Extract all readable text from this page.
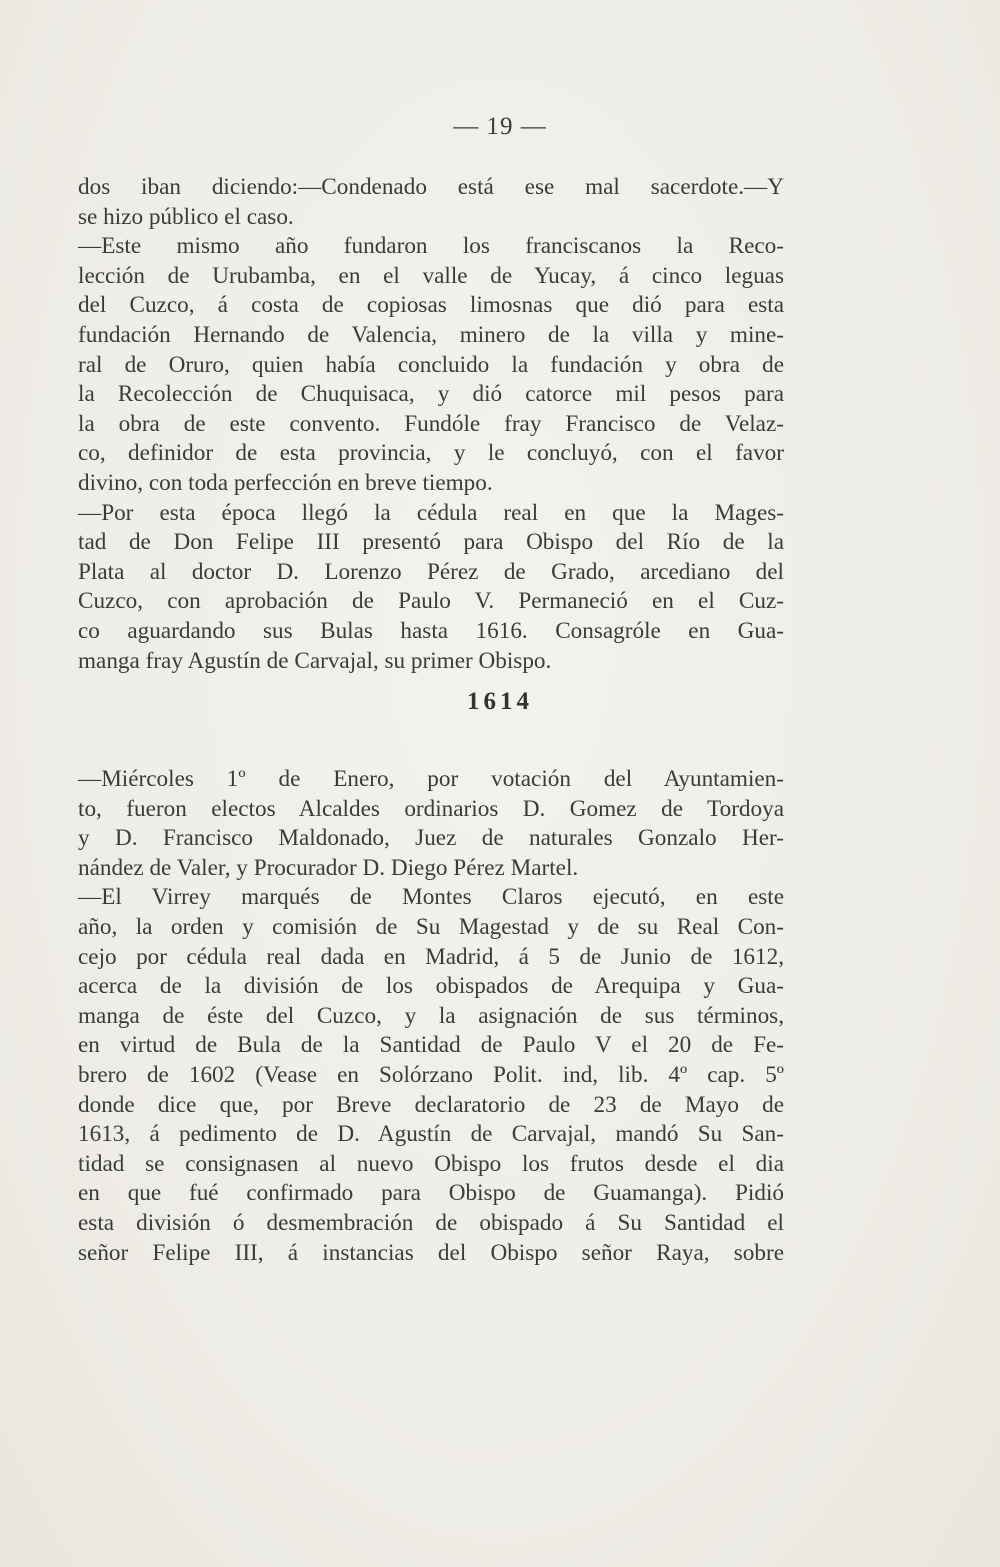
— 19 —
dos iban diciendo:—Condenado está ese mal sacerdote.—Y
se hizo público el caso.
—Este mismo año fundaron los franciscanos la Reco-
lección de Urubamba, en el valle de Yucay, á cinco leguas
del Cuzco, á costa de copiosas limosnas que dió para esta
fundación Hernando de Valencia, minero de la villa y mine-
ral de Oruro, quien había concluido la fundación y obra de
la Recolección de Chuquisaca, y dió catorce mil pesos para
la obra de este convento. Fundóle fray Francisco de Velaz-
co, definidor de esta provincia, y le concluyó, con el favor
divino, con toda perfección en breve tiempo.
—Por esta época llegó la cédula real en que la Mages-
tad de Don Felipe III presentó para Obispo del Río de la
Plata al doctor D. Lorenzo Pérez de Grado, arcediano del
Cuzco, con aprobación de Paulo V. Permaneció en el Cuz-
co aguardando sus Bulas hasta 1616. Consagróle en Gua-
manga fray Agustín de Carvajal, su primer Obispo.
1614
—Miércoles 1º de Enero, por votación del Ayuntamien-
to, fueron electos Alcaldes ordinarios D. Gomez de Tordoya
y D. Francisco Maldonado, Juez de naturales Gonzalo Her-
nández de Valer, y Procurador D. Diego Pérez Martel.
—El Virrey marqués de Montes Claros ejecutó, en este
año, la orden y comisión de Su Magestad y de su Real Con-
cejo por cédula real dada en Madrid, á 5 de Junio de 1612,
acerca de la división de los obispados de Arequipa y Gua-
manga de éste del Cuzco, y la asignación de sus términos,
en virtud de Bula de la Santidad de Paulo V el 20 de Fe-
brero de 1602 (Vease en Solórzano Polit. ind, lib. 4º cap. 5º
donde dice que, por Breve declaratorio de 23 de Mayo de
1613, á pedimento de D. Agustín de Carvajal, mandó Su San-
tidad se consignasen al nuevo Obispo los frutos desde el dia
en que fué confirmado para Obispo de Guamanga). Pidió
esta división ó desmembración de obispado á Su Santidad el
señor Felipe III, á instancias del Obispo señor Raya, sobre
